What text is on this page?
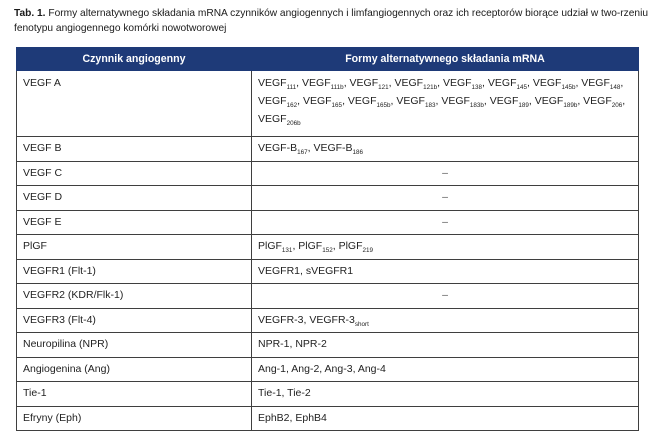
Tab. 1. Formy alternatywnego składania mRNA czynników angiogennych i limfangiogennych oraz ich receptorów biorące udział w two-rzeniu fenotypu angiogennego komórki nowotworowej
Czynnik angiogenny	Formy alternatywnego składania mRNA
VEGF A	$VEGF_{111}$, $VEGF_{111b}$, $VEGF_{121}$, $VEGF_{121b}$, $VEGF_{138}$, $VEGF_{145}$, $VEGF_{145b}$, $VEGF_{148}$, $VEGF_{162}$, $VEGF_{165}$, $VEGF_{165b}$, $VEGF_{183}$, $VEGF_{183b}$, $VEGF_{189}$, $VEGF_{189b}$, $VEGF_{206}$, $VEGF_{206b}$
VEGF B	VEGF-$B_{167}$, VEGF-$B_{186}$
VEGF C	–
VEGF D	–
VEGF E	–
PlGF	PlGF$_{131}$, PlGF$_{152}$, PlGF$_{219}$
VEGFR1 (Flt-1)	VEGFR1, sVEGFR1
VEGFR2 (KDR/Flk-1)	–
VEGFR3 (Flt-4)	VEGFR-3, VEGFR-$3_{short}$
Neuropilina (NPR)	NPR-1, NPR-2
Angiogenina (Ang)	Ang-1, Ang-2, Ang-3, Ang-4
Tie-1	Tie-1, Tie-2
Efryny (Eph)	EphB2, EphB4
